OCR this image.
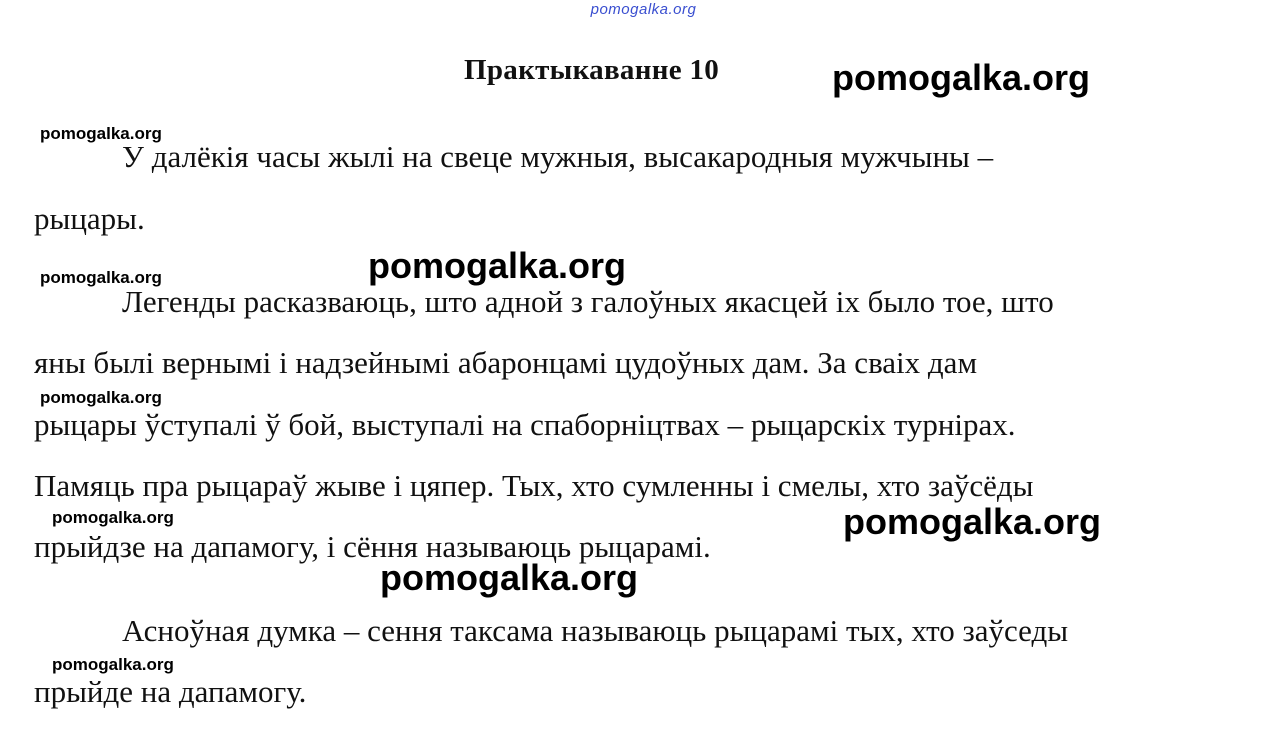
pomogalka.org
Практыкаванне 10
У далёкія часы жылі на свеце мужныя, высакародныя мужчыны –
рыцары.
Легенды расказваюць, што адной з галоўных якасцей іх было тое, што
яны былі вернымі і надзейнымі абаронцамі цудоўных дам. За сваіх дам
рыцары ўступалі ў бой, выступалі на спаборніцтвах – рыцарскіх турнірах.
Памяць пра рыцараў жыве і цяпер. Тых, хто сумленны і смелы, хто заўсёды
прыйдзе на дапамогу, і сёння называюць рыцарамі.
Асноўная думка – сення таксама называюць рыцарамі тых, хто заўседы
прыйде на дапамогу.
pomogalka.org
pomogalka.org
pomogalka.org
pomogalka.org
pomogalka.org
pomogalka.org
pomogalka.org
pomogalka.org
pomogalka.org
